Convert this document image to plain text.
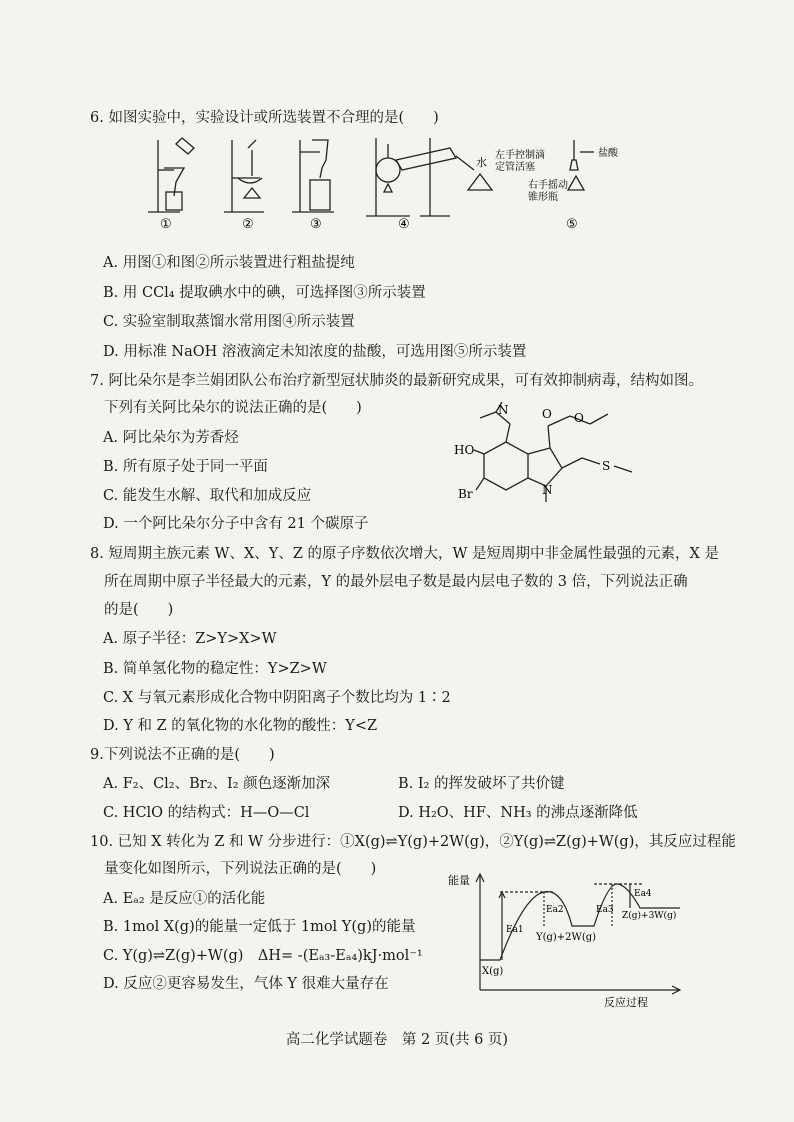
6. 如图实验中，实验设计或所选装置不合理的是(　　)
水
左手控制滴
定管活塞
右手摇动
锥形瓶
盐酸
①	②	③	④	⑤
A. 用图①和图②所示装置进行粗盐提纯
B. 用 CCl₄ 提取碘水中的碘，可选择图③所示装置
C. 实验室制取蒸馏水常用图④所示装置
D. 用标准 NaOH 溶液滴定未知浓度的盐酸，可选用图⑤所示装置
7. 阿比朵尔是李兰娟团队公布治疗新型冠状肺炎的最新研究成果，可有效抑制病毒，结构如图。
下列有关阿比朵尔的说法正确的是(　　)	N	O O
HO
S
N
Br
A. 阿比朵尔为芳香烃
B. 所有原子处于同一平面
C. 能发生水解、取代和加成反应
D. 一个阿比朵尔分子中含有 21 个碳原子
8. 短周期主族元素 W、X、Y、Z 的原子序数依次增大，W 是短周期中非金属性最强的元素，X 是
所在周期中原子半径最大的元素，Y 的最外层电子数是最内层电子数的 3 倍，下列说法正确
的是(　　)
A. 原子半径：Z>Y>X>W
B. 简单氢化物的稳定性：Y>Z>W
C. X 与氧元素形成化合物中阴阳离子个数比均为 1∶2
D. Y 和 Z 的氧化物的水化物的酸性：Y<Z
9.下列说法不正确的是(　　)
A. F₂、Cl₂、Br₂、I₂ 颜色逐渐加深	B. I₂ 的挥发破坏了共价键
C. HClO 的结构式：H—O—Cl	D. H₂O、HF、NH₃ 的沸点逐渐降低
10. 已知 X 转化为 Z 和 W 分步进行：①X(g)⇌Y(g)+2W(g)，②Y(g)⇌Z(g)+W(g)，其反应过程能
量变化如图所示，下列说法正确的是(　　)
A. Eₐ₂ 是反应①的活化能
B. 1mol X(g)的能量一定低于 1mol Y(g)的能量
C. Y(g)⇌Z(g)+W(g)　ΔH= -(Eₐ₃-Eₐ₄)kJ·mol⁻¹
D. 反应②更容易发生，气体 Y 很难大量存在
能量
反应过程
X(g)
Y(g)+2W(g)
Z(g)+3W(g)
Ea1
Ea2	Ea3
Ea4
高二化学试题卷　第 2 页(共 6 页)
